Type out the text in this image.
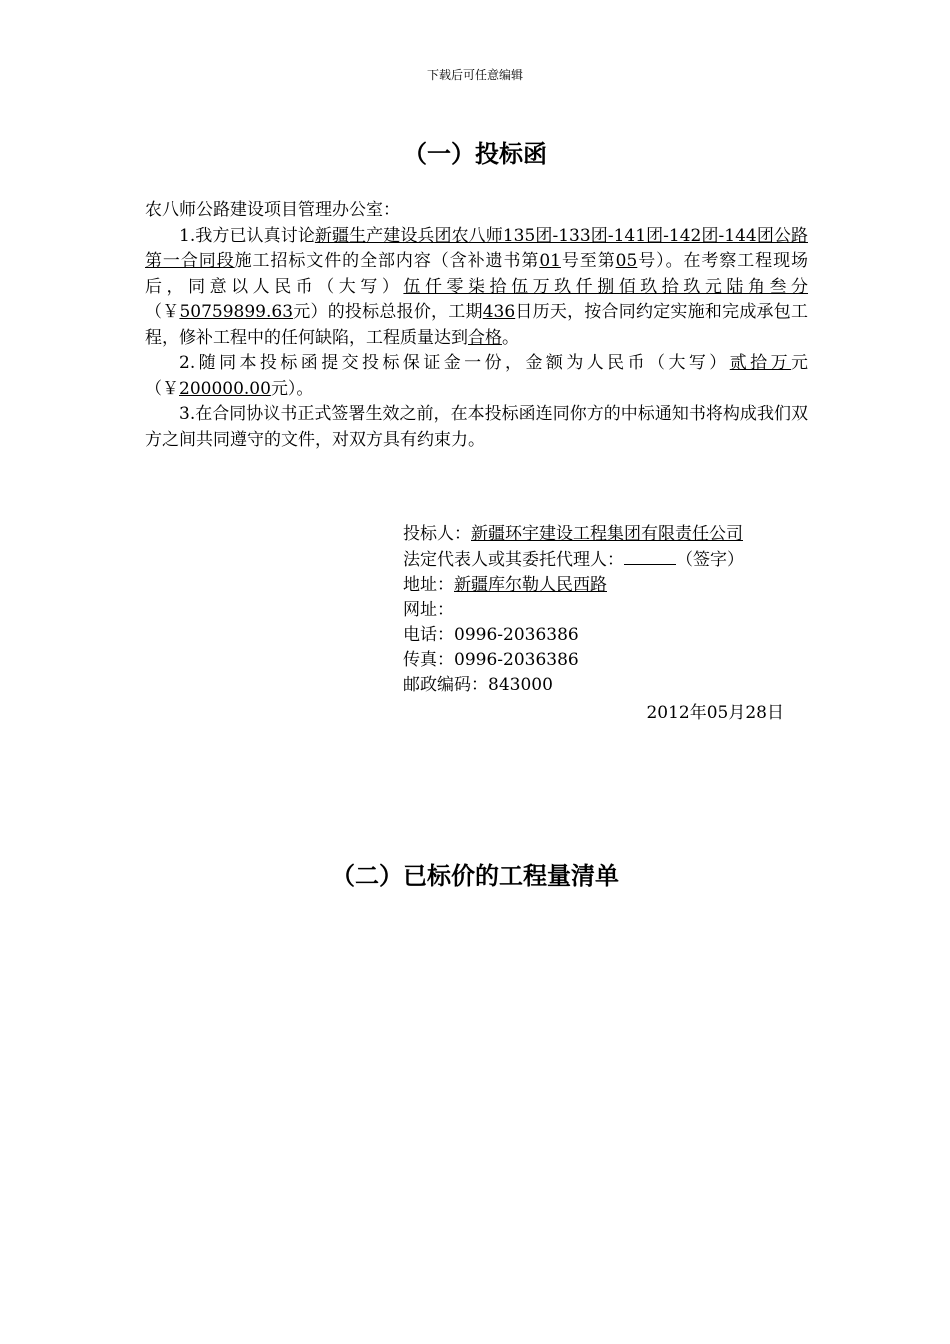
下载后可任意编辑
（一）投标函

农八师公路建设项目管理办公室：

1.我方已认真讨论新疆生产建设兵团农八师135团-133团-141团-142团-144团公路第一合同段施工招标文件的全部内容（含补遗书第01号至第05号）。在考察工程现场后，同意以人民币（大写）伍仟零柒拾伍万玖仟捌佰玖拾玖元陆角叁分（￥50759899.63元）的投标总报价，工期436日历天，按合同约定实施和完成承包工程，修补工程中的任何缺陷，工程质量达到合格。

2.随同本投标函提交投标保证金一份，金额为人民币（大写）贰拾万元（￥200000.00元）。

3.在合同协议书正式签署生效之前，在本投标函连同你方的中标通知书将构成我们双方之间共同遵守的文件，对双方具有约束力。

投标人：新疆环宇建设工程集团有限责任公司
法定代表人或其委托代理人：	（签字）
地址：新疆库尔勒人民西路
网址：
电话：0996-2036386
传真：0996-2036386
邮政编码：843000
2012年05月28日
（二）已标价的工程量清单
